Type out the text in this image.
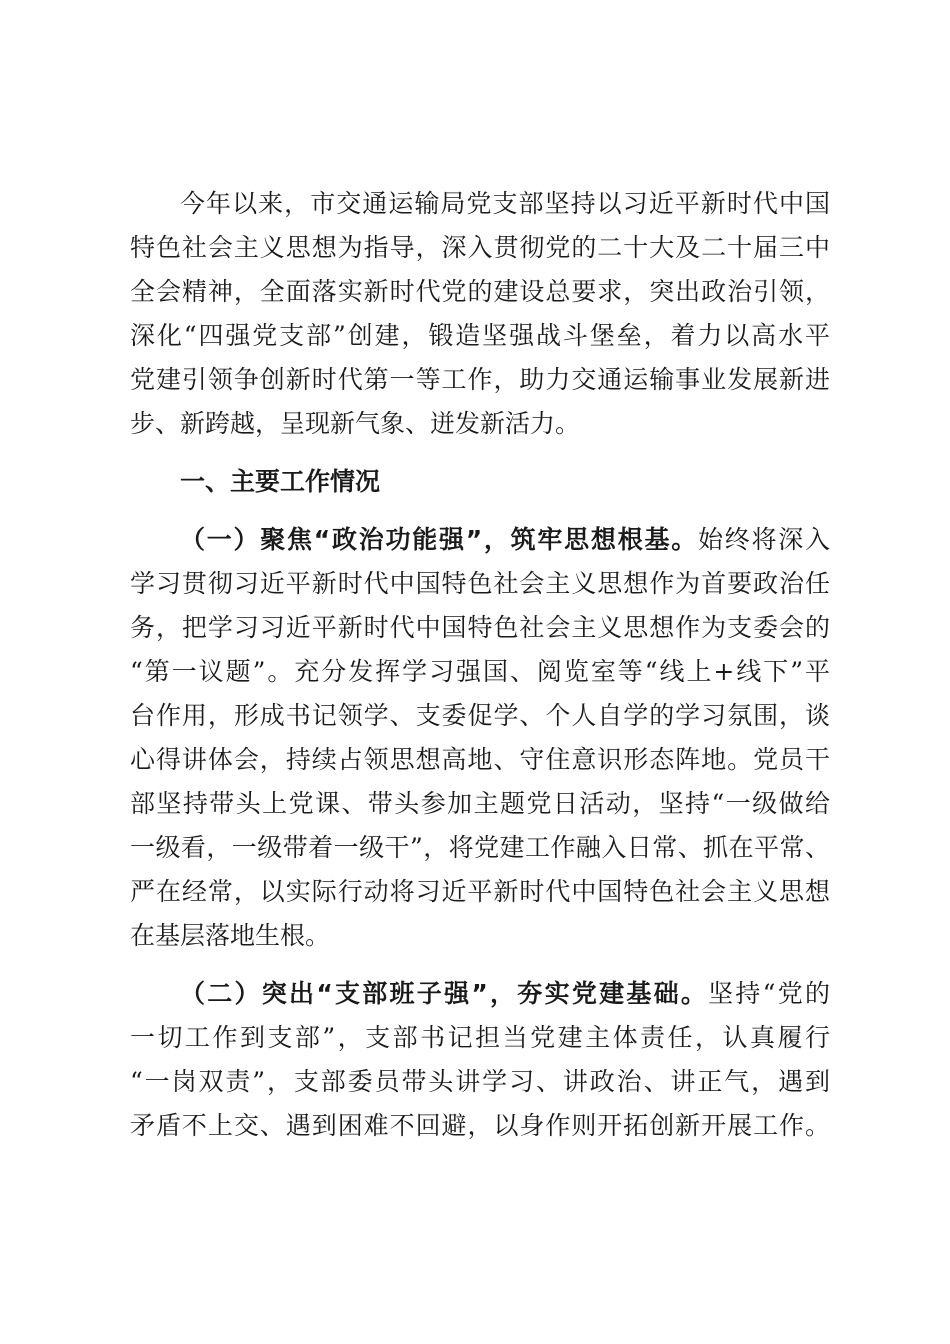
今年以来，市交通运输局党支部坚持以习近平新时代中国
特色社会主义思想为指导，深入贯彻党的二十大及二十届三中
全会精神，全面落实新时代党的建设总要求，突出政治引领，
深化“四强党支部”创建，锻造坚强战斗堡垒，着力以高水平
党建引领争创新时代第一等工作，助力交通运输事业发展新进
步、新跨越，呈现新气象、迸发新活力。
一、主要工作情况
（一）聚焦“政治功能强”，筑牢思想根基。始终将深入
学习贯彻习近平新时代中国特色社会主义思想作为首要政治任
务，把学习习近平新时代中国特色社会主义思想作为支委会的
“第一议题”。充分发挥学习强国、阅览室等“线上+线下”平
台作用，形成书记领学、支委促学、个人自学的学习氛围，谈
心得讲体会，持续占领思想高地、守住意识形态阵地。党员干
部坚持带头上党课、带头参加主题党日活动，坚持“一级做给
一级看，一级带着一级干”，将党建工作融入日常、抓在平常、
严在经常，以实际行动将习近平新时代中国特色社会主义思想
在基层落地生根。
（二）突出“支部班子强”，夯实党建基础。坚持“党的
一切工作到支部”，支部书记担当党建主体责任，认真履行
“一岗双责”，支部委员带头讲学习、讲政治、讲正气，遇到
矛盾不上交、遇到困难不回避，以身作则开拓创新开展工作。
